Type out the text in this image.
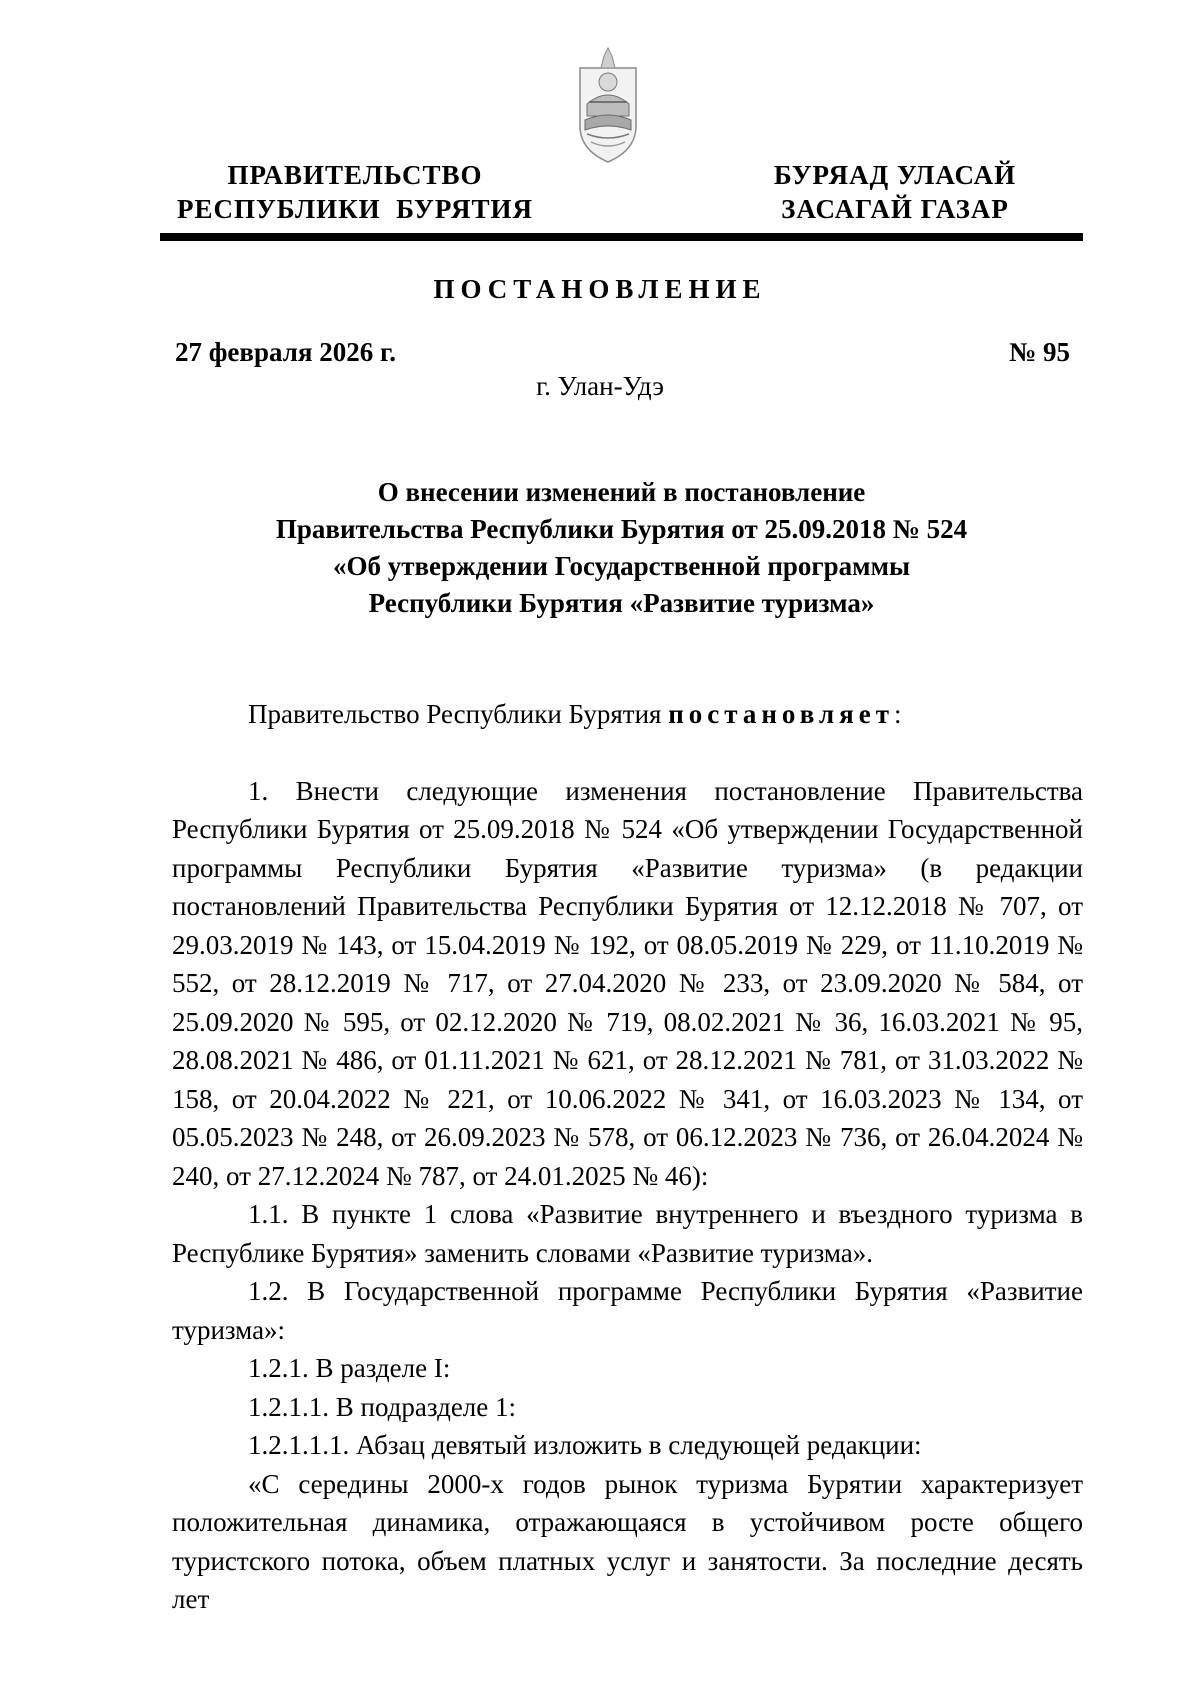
ПРАВИТЕЛЬСТВО
РЕСПУБЛИКИ  БУРЯТИЯ
БУРЯАД УЛАСАЙ
ЗАСАГАЙ ГАЗАР
ПОСТАНОВЛЕНИЕ
27 февраля 2026 г.	№ 95
г. Улан-Удэ
О внесении изменений в постановление
Правительства Республики Бурятия от 25.09.2018 № 524
«Об утверждении Государственной программы
Республики Бурятия «Развитие туризма»

Правительство Республики Бурятия постановляет:

1. Внести следующие изменения постановление Правительства Республики Бурятия от 25.09.2018 № 524 «Об утверждении Государственной программы Республики Бурятия «Развитие туризма» (в редакции постановлений Правительства Республики Бурятия от 12.12.2018 № 707, от 29.03.2019 № 143, от 15.04.2019 № 192, от 08.05.2019 № 229, от 11.10.2019 № 552, от 28.12.2019 № 717, от 27.04.2020 № 233, от 23.09.2020 № 584, от 25.09.2020 № 595, от 02.12.2020 № 719, 08.02.2021 № 36, 16.03.2021 № 95, 28.08.2021 № 486, от 01.11.2021 № 621, от 28.12.2021 № 781, от 31.03.2022 № 158, от 20.04.2022 № 221, от 10.06.2022 № 341, от 16.03.2023 № 134, от 05.05.2023 № 248, от 26.09.2023 № 578, от 06.12.2023 № 736, от 26.04.2024 № 240, от 27.12.2024 № 787, от 24.01.2025 № 46):

1.1. В пункте 1 слова «Развитие внутреннего и въездного туризма в Республике Бурятия» заменить словами «Развитие туризма».

1.2. В Государственной программе Республики Бурятия «Развитие туризма»:

1.2.1. В разделе I:

1.2.1.1. В подразделе 1:

1.2.1.1.1. Абзац девятый изложить в следующей редакции:

«С середины 2000-х годов рынок туризма Бурятии характеризует положительная динамика, отражающаяся в устойчивом росте общего туристского потока, объем платных услуг и занятости. За последние десять лет
